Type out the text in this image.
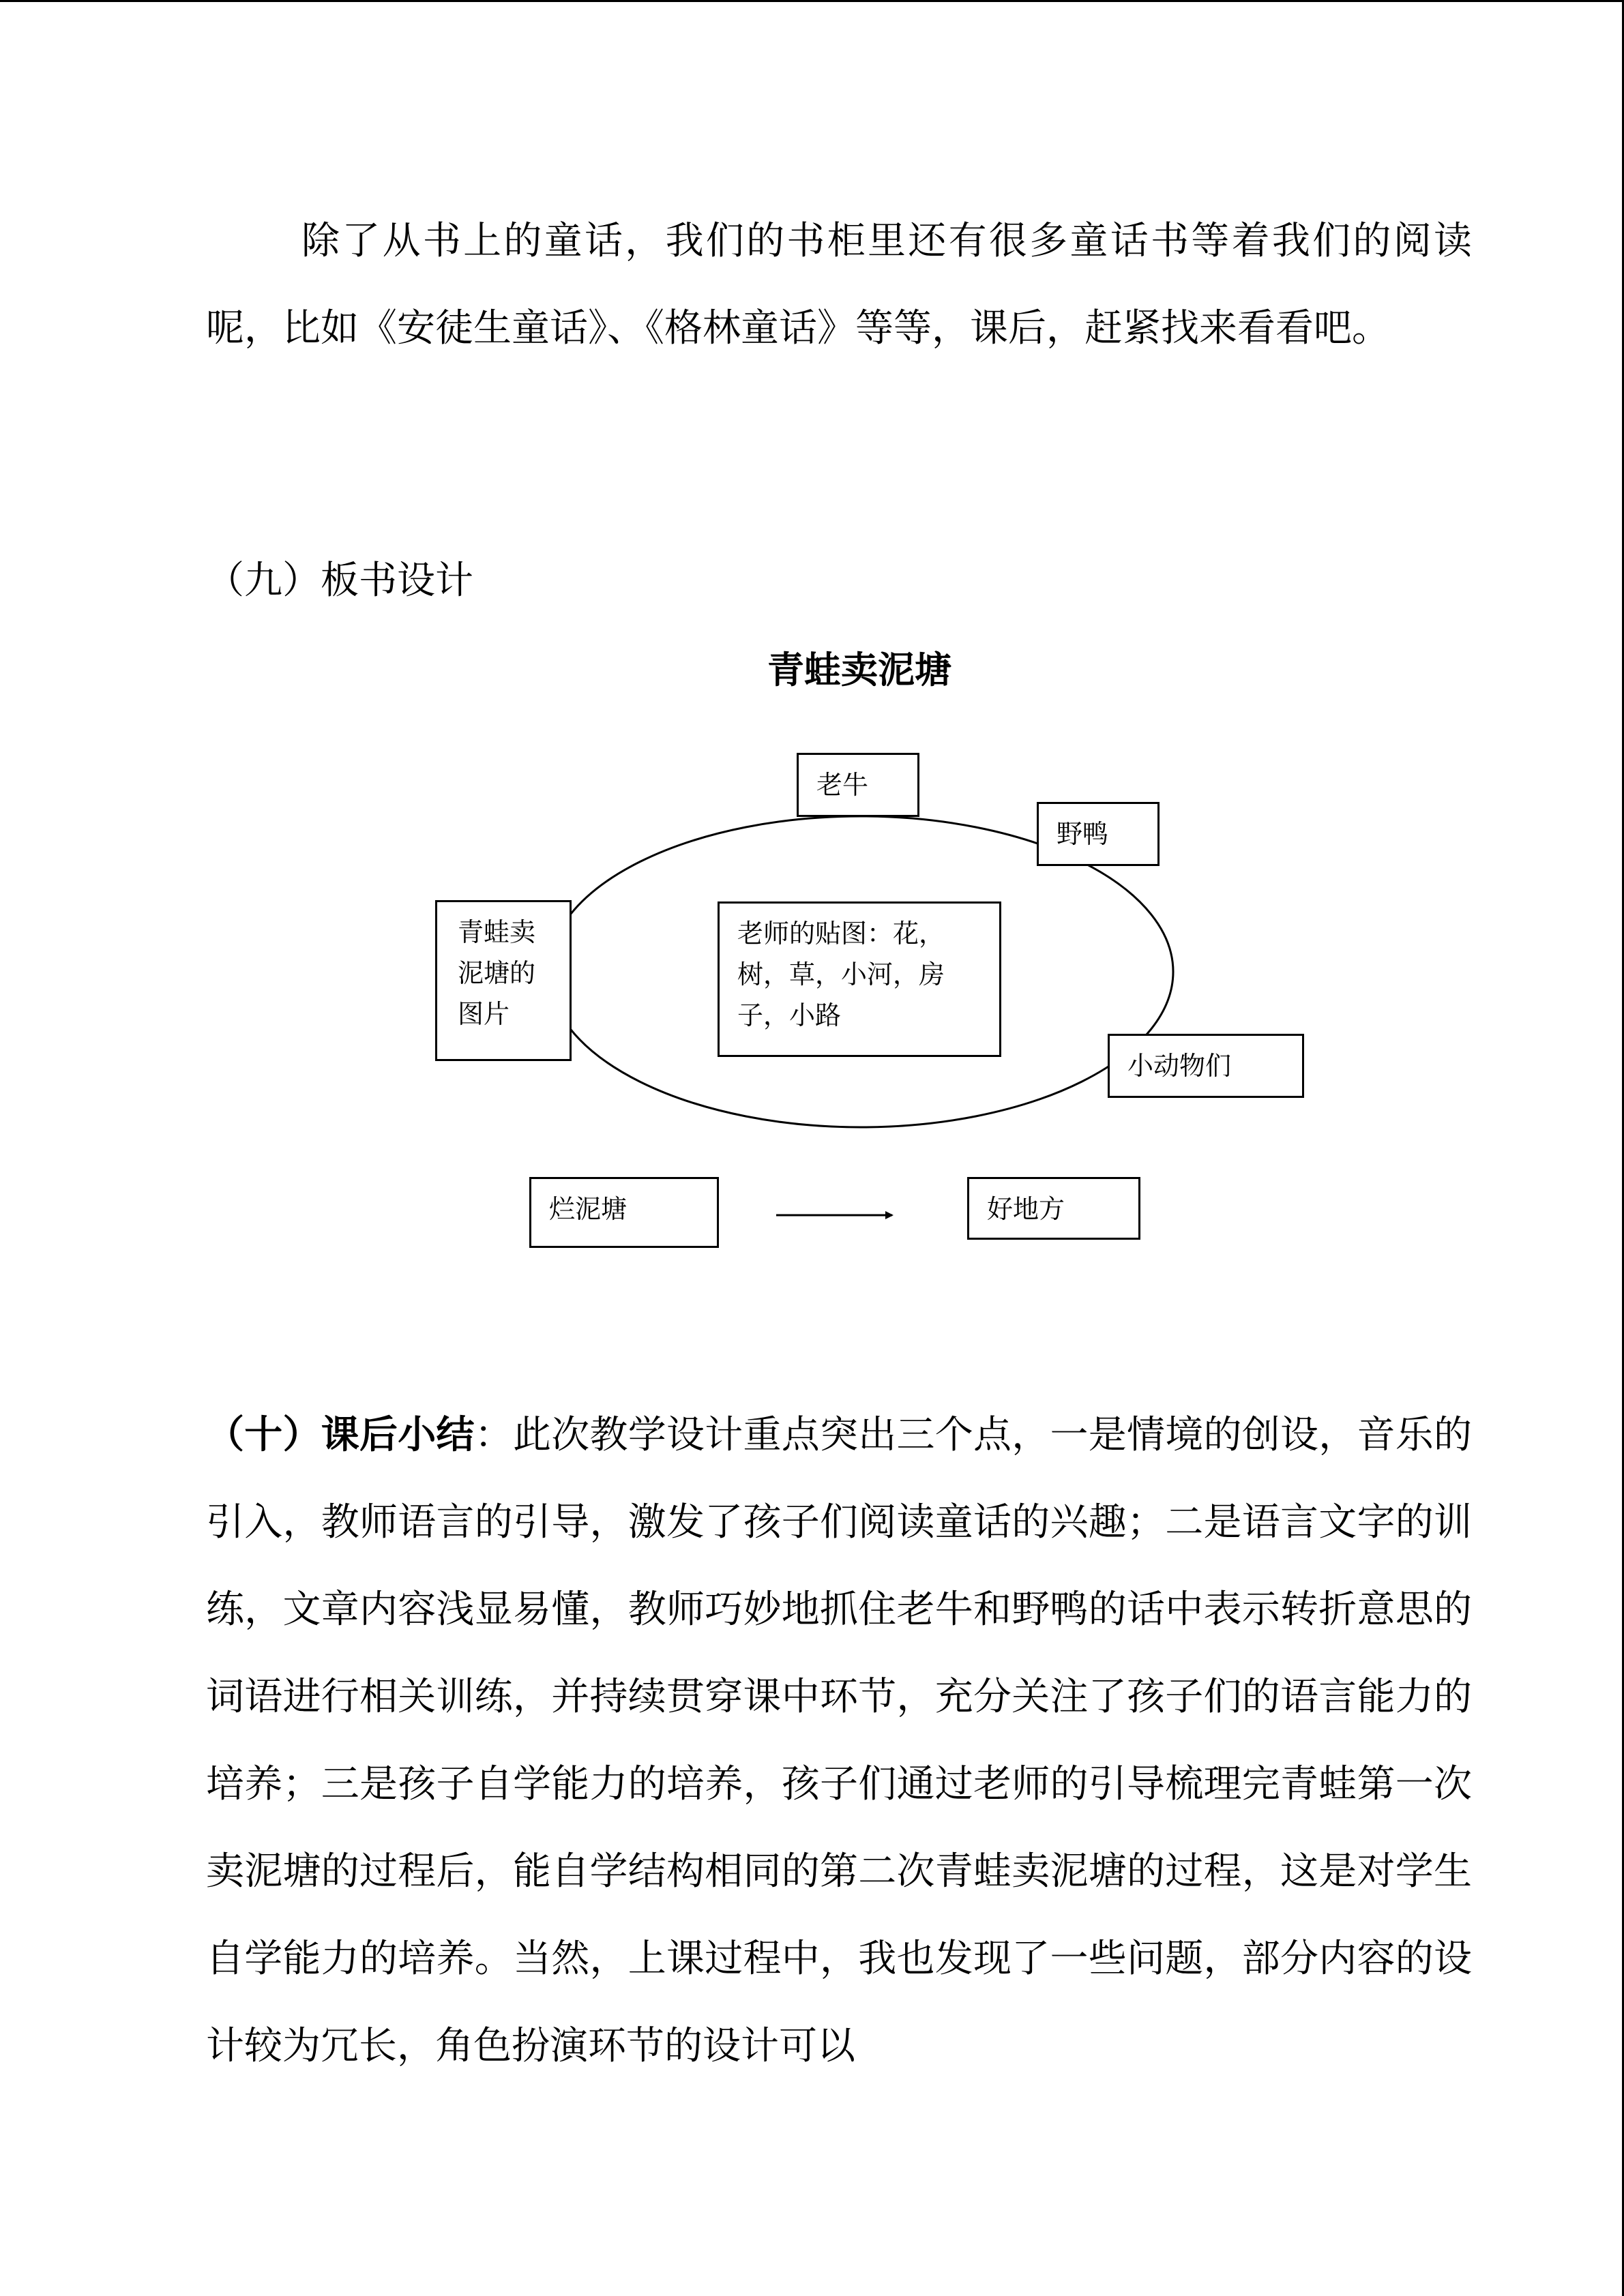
除了从书上的童话，我们的书柜里还有很多童话书等着我们的阅读呢，比如《安徒生童话》、《格林童话》等等，课后，赶紧找来看看吧。

（九）板书设计
青蛙卖泥塘
老牛
野鸭
青蛙卖泥塘的图片
老师的贴图：花，树，草，小河，房子，小路
小动物们
烂泥塘	好地方

（十）课后小结：此次教学设计重点突出三个点，一是情境的创设，音乐的引入，教师语言的引导，激发了孩子们阅读童话的兴趣；二是语言文字的训练，文章内容浅显易懂，教师巧妙地抓住老牛和野鸭的话中表示转折意思的词语进行相关训练，并持续贯穿课中环节，充分关注了孩子们的语言能力的培养；三是孩子自学能力的培养，孩子们通过老师的引导梳理完青蛙第一次卖泥塘的过程后，能自学结构相同的第二次青蛙卖泥塘的过程，这是对学生自学能力的培养。当然，上课过程中，我也发现了一些问题，部分内容的设计较为冗长，角色扮演环节的设计可以
